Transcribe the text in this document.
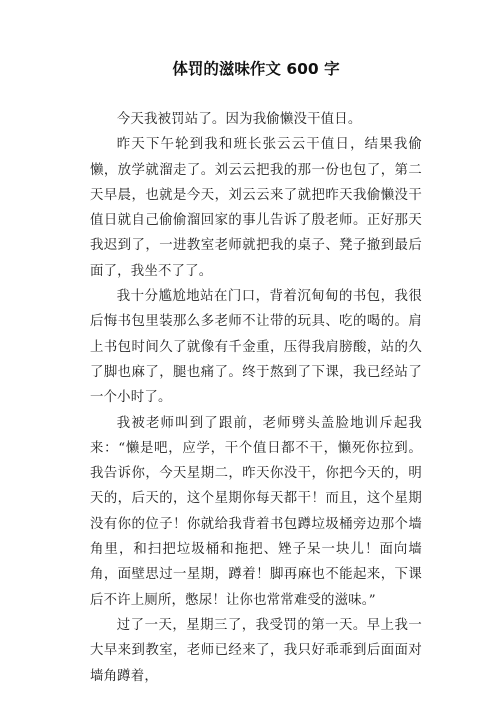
体罚的滋味作文 600 字

今天我被罚站了。因为我偷懒没干值日。

昨天下午轮到我和班长张云云干值日，结果我偷懒，放学就溜走了。刘云云把我的那一份也包了，第二天早晨，也就是今天，刘云云来了就把昨天我偷懒没干值日就自己偷偷溜回家的事儿告诉了殷老师。正好那天我迟到了，一进教室老师就把我的桌子、凳子撤到最后面了，我坐不了了。

我十分尴尬地站在门口，背着沉甸甸的书包，我很后悔书包里装那么多老师不让带的玩具、吃的喝的。肩上书包时间久了就像有千金重，压得我肩膀酸，站的久了脚也麻了，腿也痛了。终于熬到了下课，我已经站了一个小时了。

我被老师叫到了跟前，老师劈头盖脸地训斥起我来：“懒是吧，应学，干个值日都不干，懒死你拉到。我告诉你，今天星期二，昨天你没干，你把今天的，明天的，后天的，这个星期你每天都干！而且，这个星期没有你的位子！你就给我背着书包蹲垃圾桶旁边那个墙角里，和扫把垃圾桶和拖把、矬子呆一块儿！面向墙角，面壁思过一星期，蹲着！脚再麻也不能起来，下课后不许上厕所，憋尿！让你也常常难受的滋味。”

过了一天，星期三了，我受罚的第一天。早上我一大早来到教室，老师已经来了，我只好乖乖到后面面对墙角蹲着，
